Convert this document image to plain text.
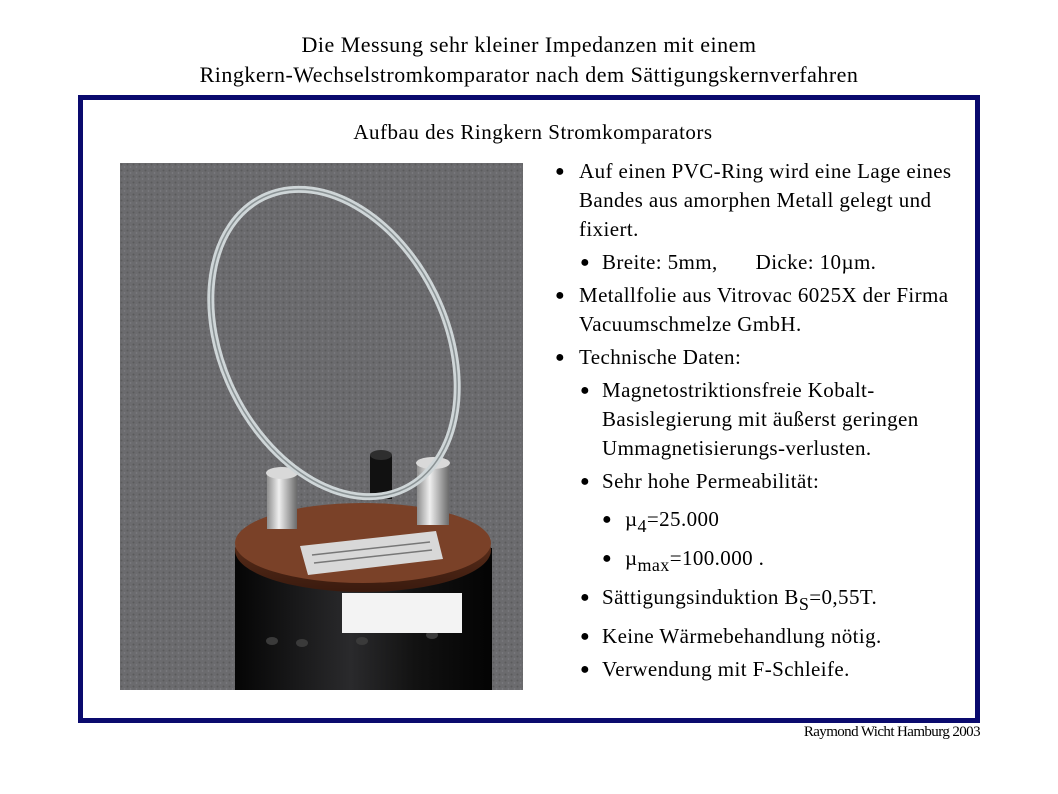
Die Messung sehr kleiner Impedanzen mit einem
Ringkern-Wechselstromkomparator nach dem Sättigungskernverfahren
Aufbau des Ringkern Stromkomparators
● Auf einen PVC-Ring wird eine Lage eines Bandes aus amorphen Metall gelegt und fixiert.
● Breite: 5mm, Dicke: 10µm.
● Metallfolie aus Vitrovac 6025X der Firma Vacuumschmelze GmbH.
● Technische Daten:
● Magnetostriktionsfreie Kobalt-Basislegierung mit äußerst geringen Ummagnetisierungs-verlusten.
● Sehr hohe Permeabilität:
● µ4=25.000
● µmax=100.000 .
● Sättigungsinduktion BS=0,55T.
● Keine Wärmebehandlung nötig.
● Verwendung mit F-Schleife.
Raymond Wicht Hamburg 2003
